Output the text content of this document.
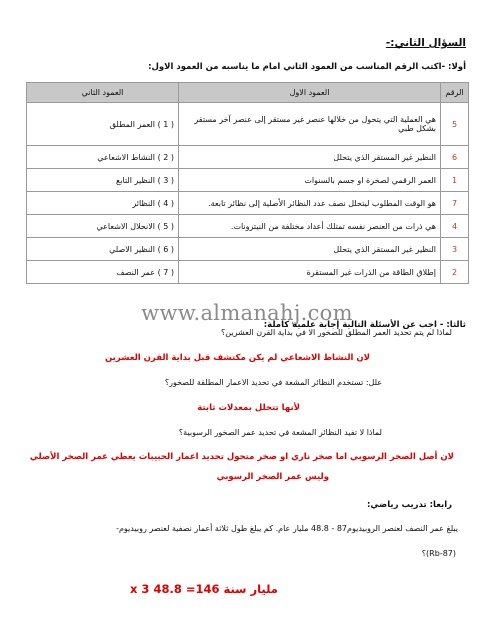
السؤال الثاني:-
أولا: -اكتب الرقم المناسب من العمود الثاني امام ما يناسبه من العمود الاول:
الرقم	العمود الاول	العمود الثاني
5	هي العملية التي يتحول من خلالها عنصر غير مستقر إلى عنصر آخر مستقر بشكل طبي	( 1 ) العمر المطلق
6	النظير غير المستقر الذي يتحلل	( 2 ) النشاط الاشعاعي
1	العمر الرقمي لصخرة او جسم بالسنوات	( 3 ) النظير التابع
7	هو الوقت المطلوب ليتحلل نصف عدد النظائر الأصلية إلى نظائر تابعة.	( 4 ) النظائر
4	هي ذرات من العنصر نفسه تمتلك أعداد مختلفة من النيترونات.	( 5 ) الانحلال الاشعاعي
3	النظير غير المستقر الذي يتحلل	( 6 ) النظير الاصلي
2	إطلاق الطاقة من الذرات غير المستقرة	( 7 ) عمر النصف
www.almanahj.com
ثالثا: - اجب عن الأسئلة التالية إجابة علمية كاملة:
لماذا لم يتم تحديد العمر المطلق للصخور الا في بداية القرن العشرين؟
لان النشاط الاشعاعي لم يكن مكتشف قبل بداية القرن العشرين
علل: تستخدم النظائر المشعة في تحديد الاعمار المطلقة للصخور؟
لأنها تتحلل بمعدلات ثابتة
لماذا لا تفيد النظائر المشعة في تحديد عمر الصخور الرسوبية؟
لان أصل الصخر الرسوبي اما صخر ناري او صخر متحول تحديد اعمار الحبيبات يعطي عمر الصخر الأصلي
وليس عمر الصخر الرسوبي
رابعا: تدريب رياضي:
يبلغ عمر النصف لعنصر الروبيديوم87 - 48.8 مليار عام. كم يبلغ طول ثلاثة أعمار نصفية لعنصر روبيديوم-
(Rb-87)؟
مليار سنة 146= 48.8 x 3
